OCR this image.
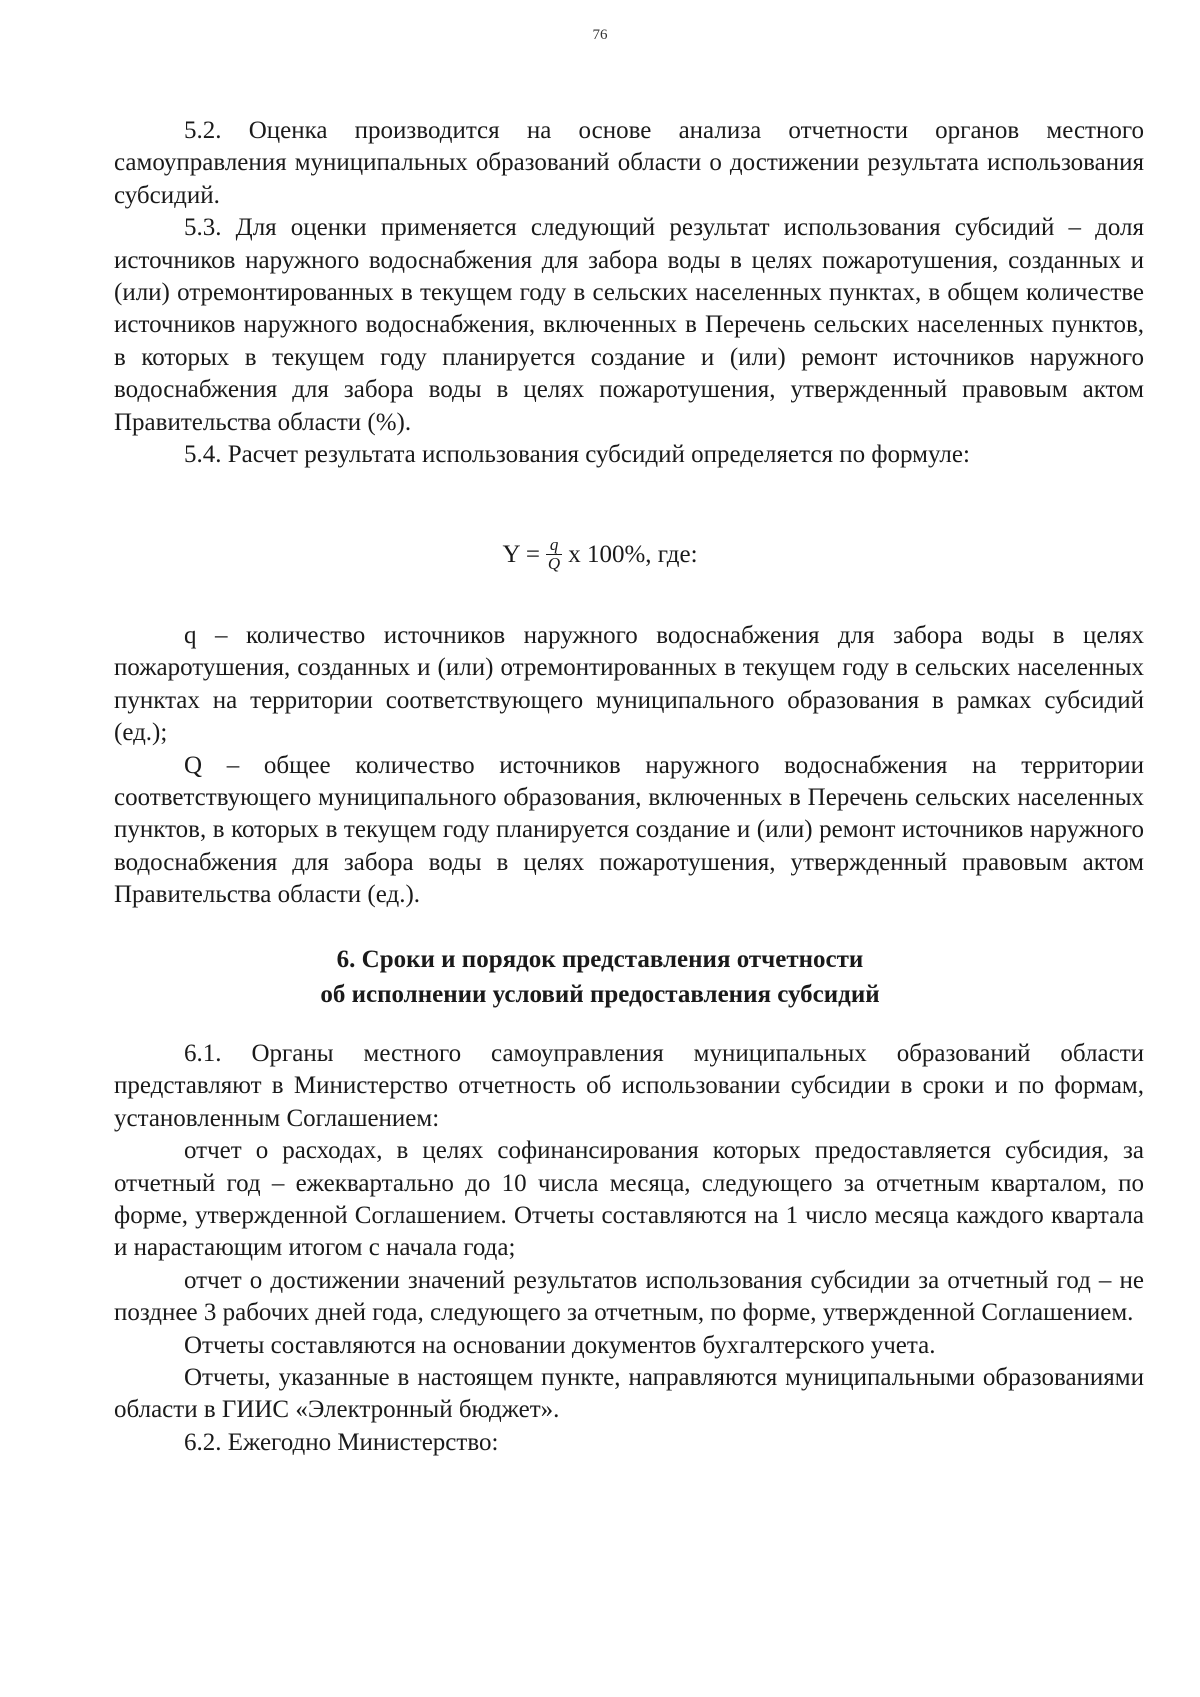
76

5.2. Оценка производится на основе анализа отчетности органов местного самоуправления муниципальных образований области о достижении результата использования субсидий.

5.3. Для оценки применяется следующий результат использования субсидий – доля источников наружного водоснабжения для забора воды в целях пожаротушения, созданных и (или) отремонтированных в текущем году в сельских населенных пунктах, в общем количестве источников наружного водоснабжения, включенных в Перечень сельских населенных пунктов, в которых в текущем году планируется создание и (или) ремонт источников наружного водоснабжения для забора воды в целях пожаротушения, утвержденный правовым актом Правительства области (%).

5.4. Расчет результата использования субсидий определяется по формуле:

$Y = \frac{q}{Q}$ x 100%, где:

q – количество источников наружного водоснабжения для забора воды в целях пожаротушения, созданных и (или) отремонтированных в текущем году в сельских населенных пунктах на территории соответствующего муниципального образования в рамках субсидий (ед.);

Q – общее количество источников наружного водоснабжения на территории соответствующего муниципального образования, включенных в Перечень сельских населенных пунктов, в которых в текущем году планируется создание и (или) ремонт источников наружного водоснабжения для забора воды в целях пожаротушения, утвержденный правовым актом Правительства области (ед.).

6. Сроки и порядок представления отчетности
об исполнении условий предоставления субсидий

6.1. Органы местного самоуправления муниципальных образований области представляют в Министерство отчетность об использовании субсидии в сроки и по формам, установленным Соглашением:

отчет о расходах, в целях софинансирования которых предоставляется субсидия, за отчетный год – ежеквартально до 10 числа месяца, следующего за отчетным кварталом, по форме, утвержденной Соглашением. Отчеты составляются на 1 число месяца каждого квартала и нарастающим итогом с начала года;

отчет о достижении значений результатов использования субсидии за отчетный год – не позднее 3 рабочих дней года, следующего за отчетным, по форме, утвержденной Соглашением.

Отчеты составляются на основании документов бухгалтерского учета.

Отчеты, указанные в настоящем пункте, направляются муниципальными образованиями области в ГИИС «Электронный бюджет».

6.2. Ежегодно Министерство:
